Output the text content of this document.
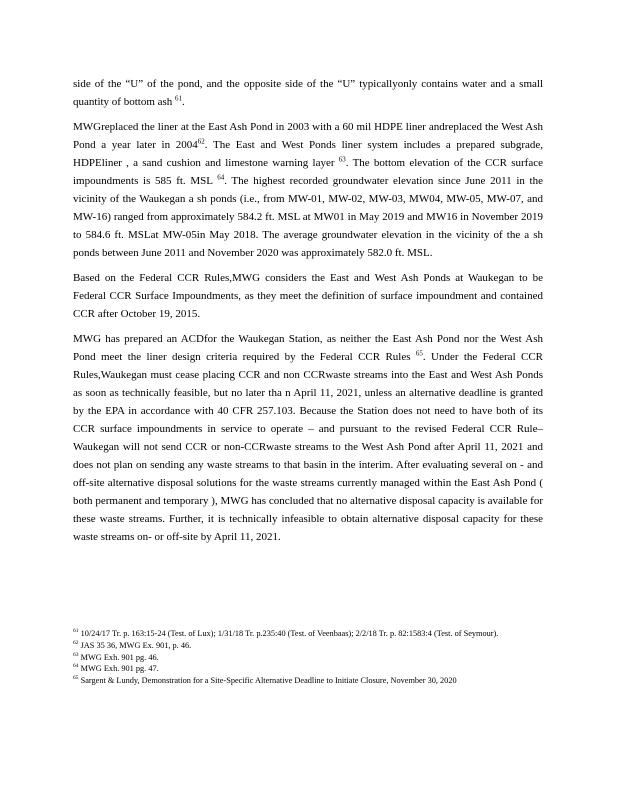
side of the “U” of the pond, and the opposite side of the “U” typicallyonly contains water and a small quantity of bottom ash $^{61}$.

MWGreplaced the liner at the East Ash Pond in 2003 with a 60 mil HDPE liner andreplaced the West Ash Pond a year later in 2004$^{62}$. The East and West Ponds liner system includes a prepared subgrade, HDPEliner , a sand cushion and limestone warning layer $^{63}$. The bottom elevation of the CCR surface impoundments is 585 ft. MSL $^{64}$. The highest recorded groundwater elevation since June 2011 in the vicinity of the Waukegan a sh ponds (i.e., from MW-01, MW-02, MW-03, MW04, MW-05, MW-07, and MW-16) ranged from approximately 584.2 ft. MSL at MW01 in May 2019 and MW16 in November 2019 to 584.6 ft. MSLat MW-05in May 2018. The average groundwater elevation in the vicinity of the a sh ponds between June 2011 and November 2020 was approximately 582.0 ft. MSL.

Based on the Federal CCR Rules,MWG considers the East and West Ash Ponds at Waukegan to be Federal CCR Surface Impoundments, as they meet the definition of surface impoundment and contained CCR after October 19, 2015.

MWG has prepared an ACDfor the Waukegan Station, as neither the East Ash Pond nor the West Ash Pond meet the liner design criteria required by the Federal CCR Rules $^{65}$. Under the Federal CCR Rules,Waukegan must cease placing CCR and non CCRwaste streams into the East and West Ash Ponds as soon as technically feasible, but no later tha n April 11, 2021, unless an alternative deadline is granted by the EPA in accordance with 40 CFR 257.103. Because the Station does not need to have both of its CCR surface impoundments in service to operate – and pursuant to the revised Federal CCR Rule– Waukegan will not send CCR or non-CCRwaste streams to the West Ash Pond after April 11, 2021 and does not plan on sending any waste streams to that basin in the interim. After evaluating several on - and off-site alternative disposal solutions for the waste streams currently managed within the East Ash Pond ( both permanent and temporary ), MWG has concluded that no alternative disposal capacity is available for these waste streams. Further, it is technically infeasible to obtain alternative disposal capacity for these waste streams on- or off-site by April 11, 2021.

$^{61}$ 10/24/17 Tr. p. 163:15-24 (Test. of Lux); 1/31/18 Tr. p.235:40 (Test. of Veenbaas); 2/2/18 Tr. p. 82:1583:4 (Test. of Seymour).

$^{62}$ JAS 35 36, MWG Ex. 901, p. 46.

$^{63}$ MWG Exh. 901 pg. 46.

$^{64}$ MWG Exh. 901 pg. 47.

$^{65}$ Sargent & Lundy, Demonstration for a Site-Specific Alternative Deadline to Initiate Closure, November 30, 2020
